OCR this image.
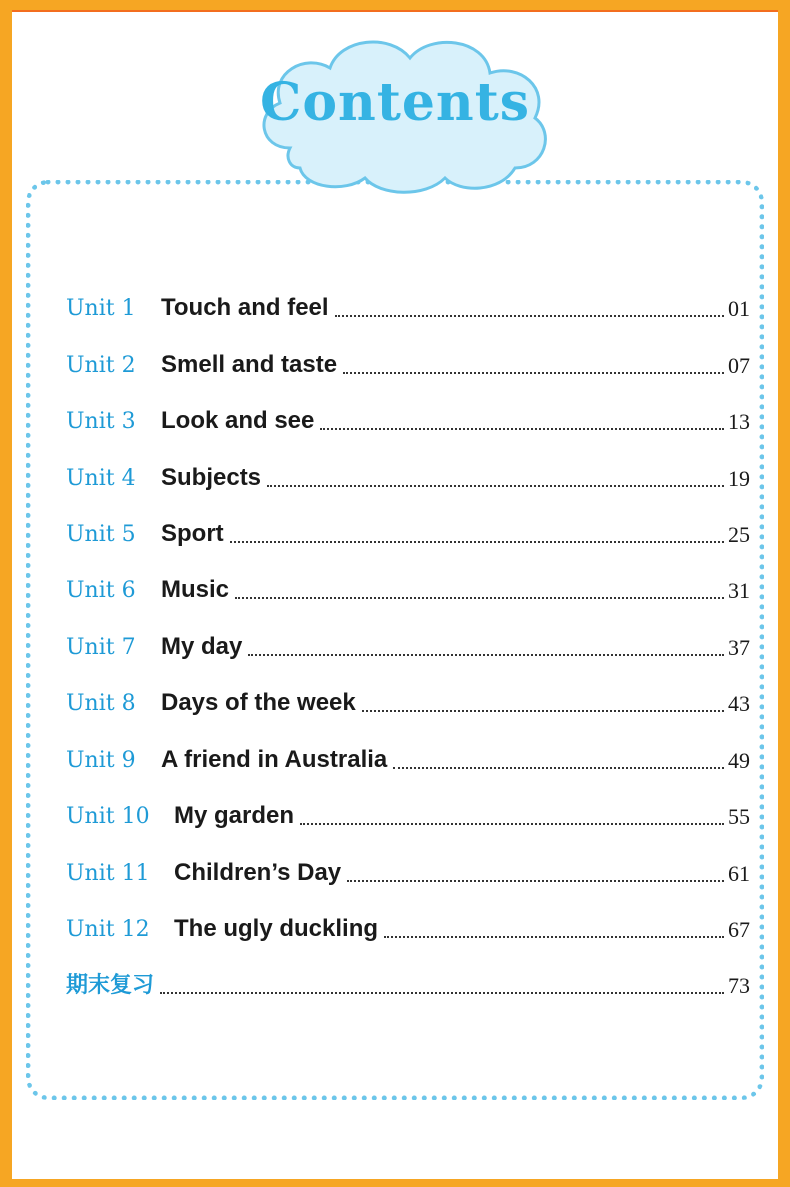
Contents
Unit 1	Touch and feel	01
Unit 2	Smell and taste	07
Unit 3	Look and see	13
Unit 4	Subjects	19
Unit 5	Sport	25
Unit 6	Music	31
Unit 7	My day	37
Unit 8	Days of the week	43
Unit 9	A friend in Australia	49
Unit 10	My garden	55
Unit 11	Children’s Day	61
Unit 12	The ugly duckling	67
期末复习	73
